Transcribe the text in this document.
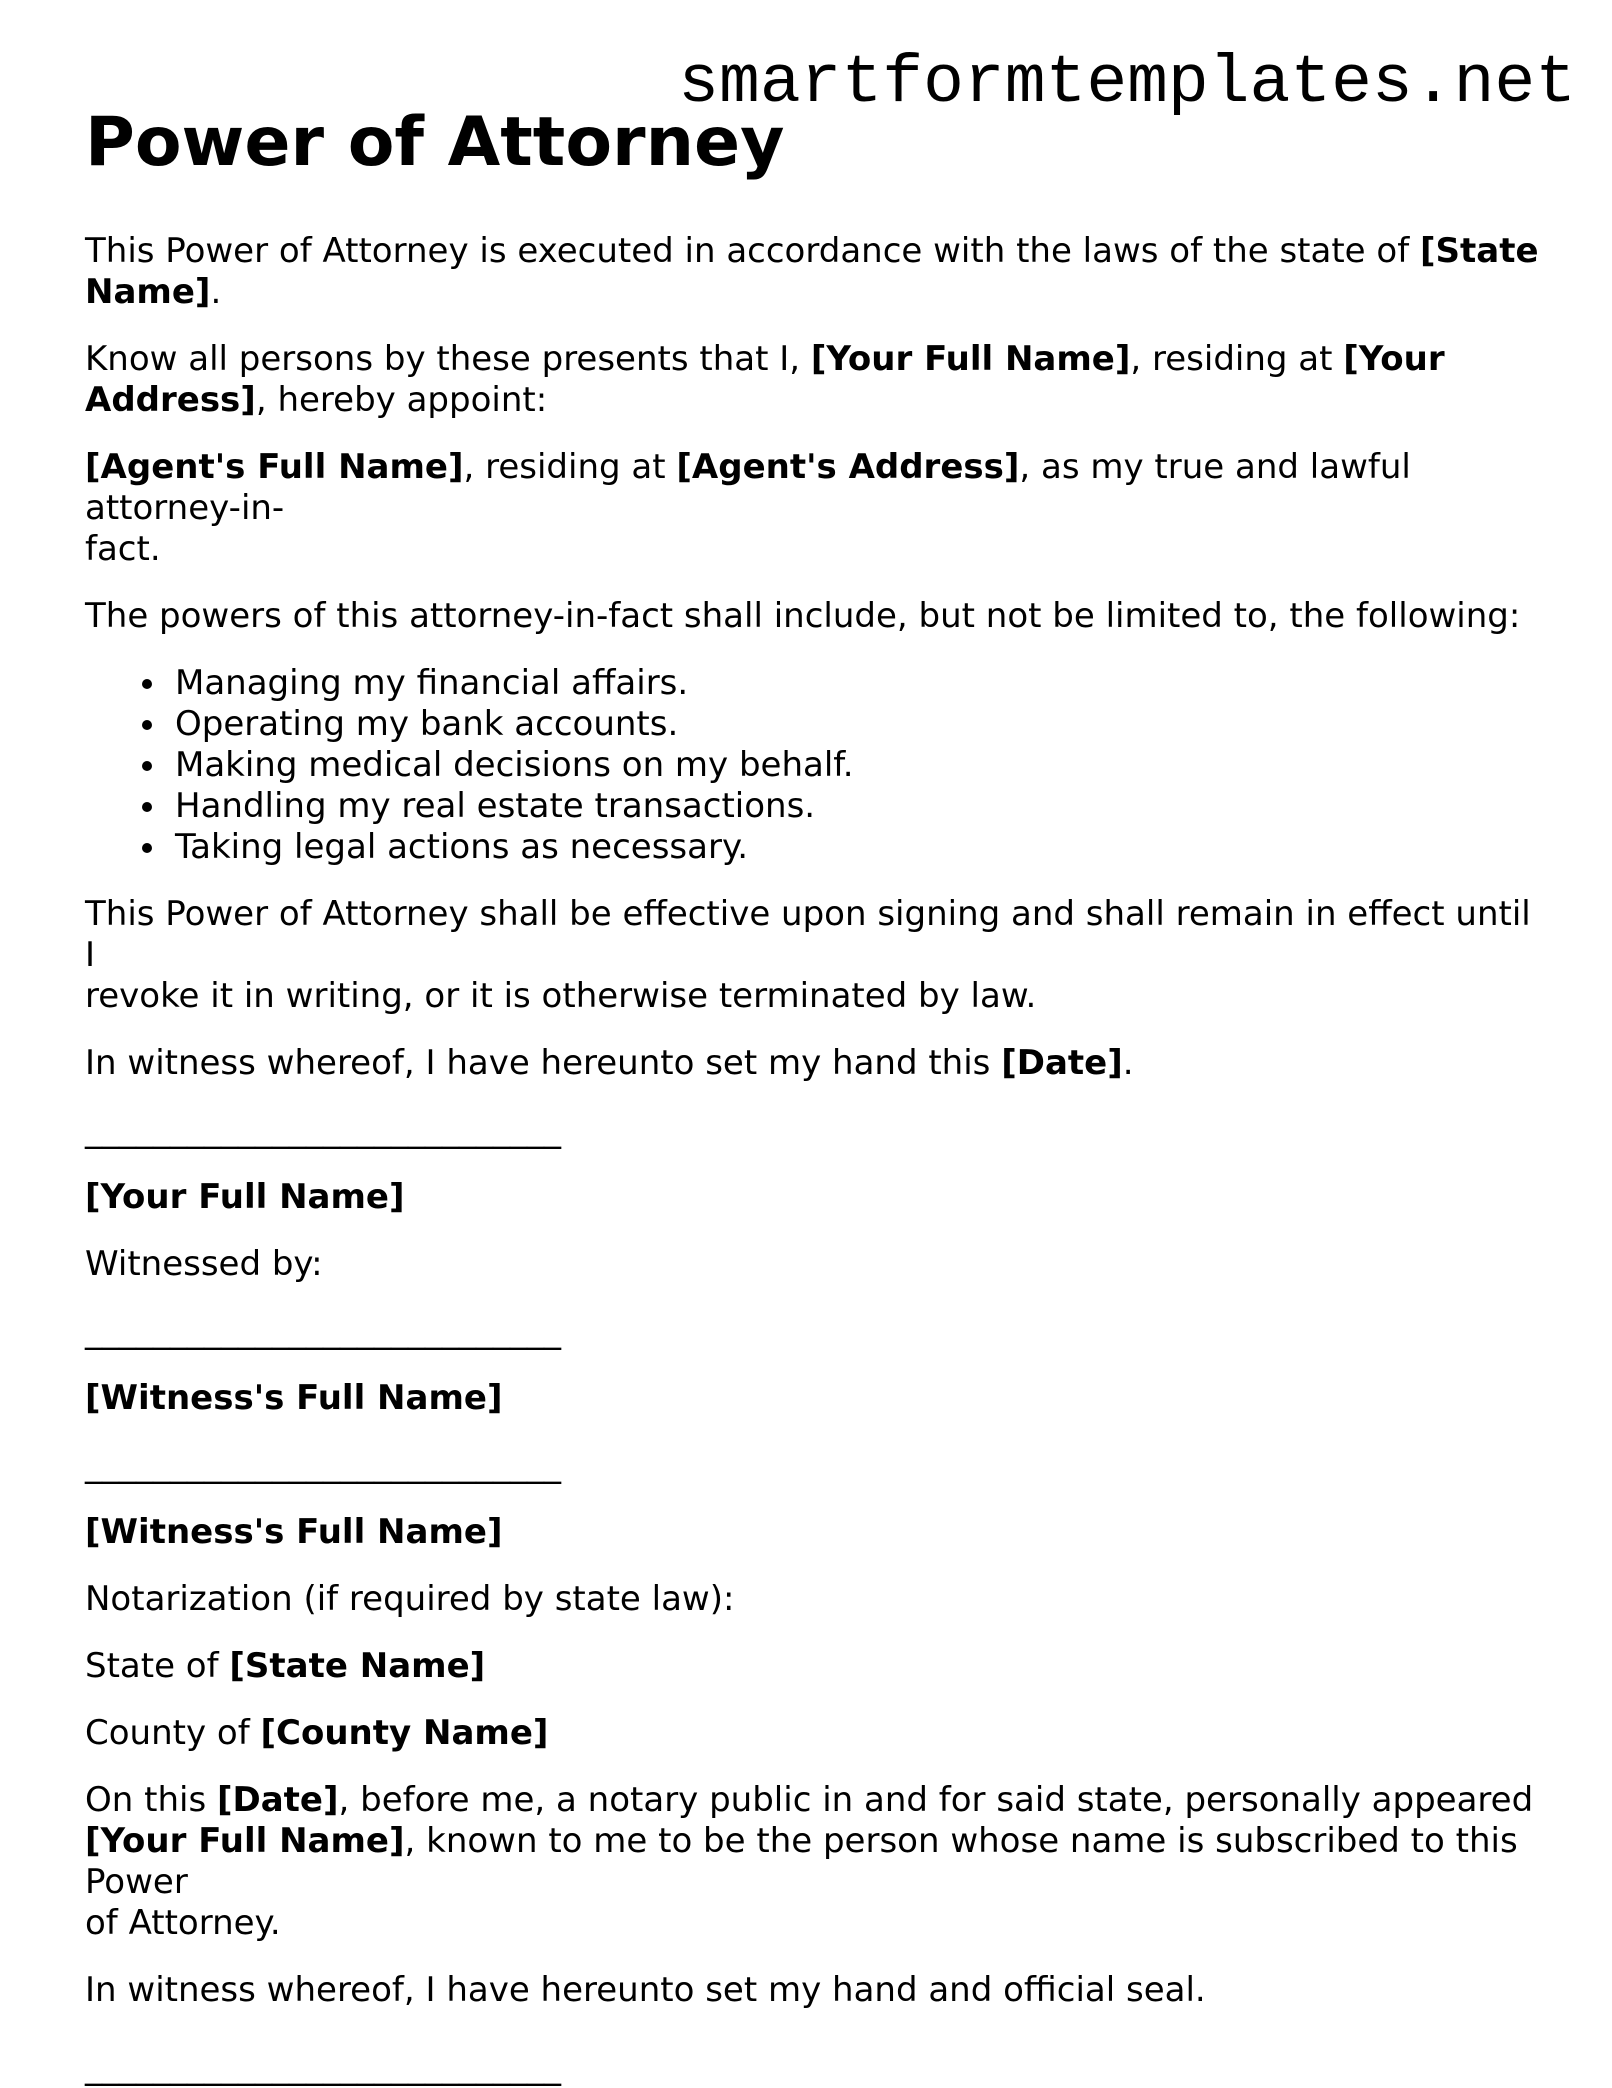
smartformtemplates.net
Power of Attorney

This Power of Attorney is executed in accordance with the laws of the state of [State
Name].

Know all persons by these presents that I, [Your Full Name], residing at [Your
Address], hereby appoint:

[Agent's Full Name], residing at [Agent's Address], as my true and lawful attorney-in-
fact.

The powers of this attorney-in-fact shall include, but not be limited to, the following:

• Managing my financial affairs.
• Operating my bank accounts.
• Making medical decisions on my behalf.
• Handling my real estate transactions.
• Taking legal actions as necessary.

This Power of Attorney shall be effective upon signing and shall remain in effect until I
revoke it in writing, or it is otherwise terminated by law.

In witness whereof, I have hereunto set my hand this [Date].

____________________________

[Your Full Name]

Witnessed by:

____________________________

[Witness's Full Name]

____________________________

[Witness's Full Name]

Notarization (if required by state law):

State of [State Name]

County of [County Name]

On this [Date], before me, a notary public in and for said state, personally appeared
[Your Full Name], known to me to be the person whose name is subscribed to this Power
of Attorney.

In witness whereof, I have hereunto set my hand and official seal.

____________________________
